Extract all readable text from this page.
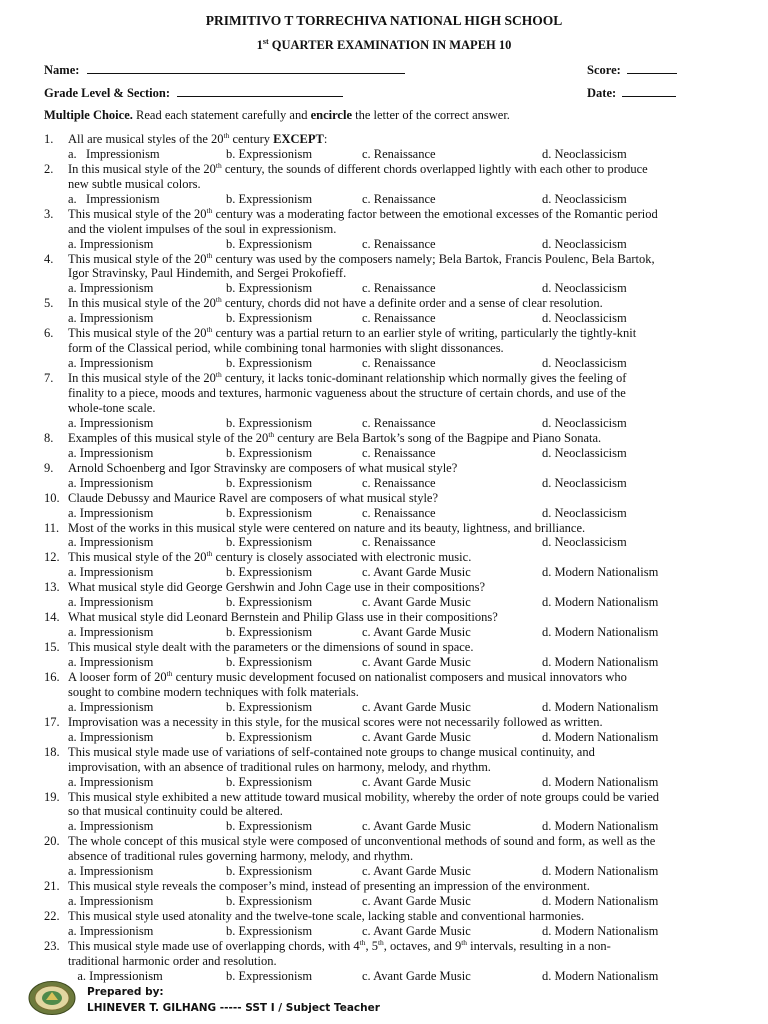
PRIMITIVO T TORRECHIVA NATIONAL HIGH SCHOOL
1st QUARTER EXAMINATION IN MAPEH 10
Name:	Score:
Grade Level & Section:	Date:
Multiple Choice. Read each statement carefully and encircle the letter of the correct answer.
1.	All are musical styles of the 20th century EXCEPT:
a.   Impressionism	b. Expressionism	c. Renaissance	d. Neoclassicism
2.	In this musical style of the 20th century, the sounds of different chords overlapped lightly with each other to produce
new subtle musical colors.
a.   Impressionism	b. Expressionism	c. Renaissance	d. Neoclassicism
3.	This musical style of the 20th century was a moderating factor between the emotional excesses of the Romantic period
and the violent impulses of the soul in expressionism.
a. Impressionism	b. Expressionism	c. Renaissance	d. Neoclassicism
4.	This musical style of the 20th century was used by the composers namely; Bela Bartok, Francis Poulenc, Bela Bartok,
Igor Stravinsky, Paul Hindemith, and Sergei Prokofieff.
a. Impressionism	b. Expressionism	c. Renaissance	d. Neoclassicism
5.	In this musical style of the 20th century, chords did not have a definite order and a sense of clear resolution.
a. Impressionism	b. Expressionism	c. Renaissance	d. Neoclassicism
6.	This musical style of the 20th century was a partial return to an earlier style of writing, particularly the tightly-knit
form of the Classical period, while combining tonal harmonies with slight dissonances.
a. Impressionism	b. Expressionism	c. Renaissance	d. Neoclassicism
7.	In this musical style of the 20th century, it lacks tonic-dominant relationship which normally gives the feeling of
finality to a piece, moods and textures, harmonic vagueness about the structure of certain chords, and use of the
whole-tone scale.
a. Impressionism	b. Expressionism	c. Renaissance	d. Neoclassicism
8.	Examples of this musical style of the 20th century are Bela Bartok’s song of the Bagpipe and Piano Sonata.
a. Impressionism	b. Expressionism	c. Renaissance	d. Neoclassicism
9.	Arnold Schoenberg and Igor Stravinsky are composers of what musical style?
a. Impressionism	b. Expressionism	c. Renaissance	d. Neoclassicism
10. Claude Debussy and Maurice Ravel are composers of what musical style?
a. Impressionism	b. Expressionism	c. Renaissance	d. Neoclassicism
11. Most of the works in this musical style were centered on nature and its beauty, lightness, and brilliance.
a. Impressionism	b. Expressionism	c. Renaissance	d. Neoclassicism
12. This musical style of the 20th century is closely associated with electronic music.
a. Impressionism	b. Expressionism	c. Avant Garde Music	d. Modern Nationalism
13. What musical style did George Gershwin and John Cage use in their compositions?
a. Impressionism	b. Expressionism	c. Avant Garde Music	d. Modern Nationalism
14. What musical style did Leonard Bernstein and Philip Glass use in their compositions?
a. Impressionism	b. Expressionism	c. Avant Garde Music	d. Modern Nationalism
15. This musical style dealt with the parameters or the dimensions of sound in space.
a. Impressionism	b. Expressionism	c. Avant Garde Music	d. Modern Nationalism
16. A looser form of 20th century music development focused on nationalist composers and musical innovators who
sought to combine modern techniques with folk materials.
a. Impressionism	b. Expressionism	c. Avant Garde Music	d. Modern Nationalism
17. Improvisation was a necessity in this style, for the musical scores were not necessarily followed as written.
a. Impressionism	b. Expressionism	c. Avant Garde Music	d. Modern Nationalism
18. This musical style made use of variations of self-contained note groups to change musical continuity, and
improvisation, with an absence of traditional rules on harmony, melody, and rhythm.
a. Impressionism	b. Expressionism	c. Avant Garde Music	d. Modern Nationalism
19. This musical style exhibited a new attitude toward musical mobility, whereby the order of note groups could be varied
so that musical continuity could be altered.
a. Impressionism	b. Expressionism	c. Avant Garde Music	d. Modern Nationalism
20. The whole concept of this musical style were composed of unconventional methods of sound and form, as well as the
absence of traditional rules governing harmony, melody, and rhythm.
a. Impressionism	b. Expressionism	c. Avant Garde Music	d. Modern Nationalism
21. This musical style reveals the composer’s mind, instead of presenting an impression of the environment.
a. Impressionism	b. Expressionism	c. Avant Garde Music	d. Modern Nationalism
22. This musical style used atonality and the twelve-tone scale, lacking stable and conventional harmonies.
a. Impressionism	b. Expressionism	c. Avant Garde Music	d. Modern Nationalism
23. This musical style made use of overlapping chords, with 4th, 5th, octaves, and 9th intervals, resulting in a non-
traditional harmonic order and resolution.
a. Impressionism	b. Expressionism	c. Avant Garde Music	d. Modern Nationalism
Prepared by:
LHINEVER T. GILHANG ----- SST I / Subject Teacher
